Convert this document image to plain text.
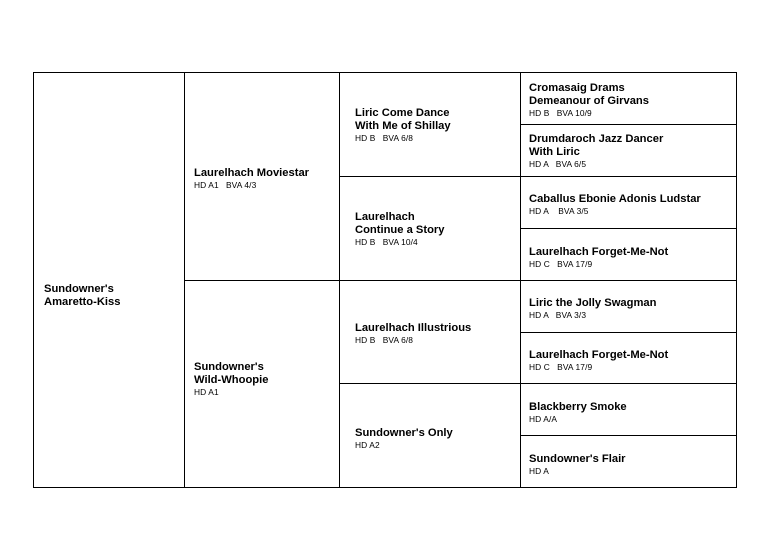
Sundowner's
Amaretto-Kiss
Laurelhach Moviestar
HD A1   BVA 4/3
Sundowner's
Wild-Whoopie
HD A1
Liric Come Dance
With Me of Shillay
HD B   BVA 6/8
Laurelhach
Continue a Story
HD B   BVA 10/4
Laurelhach Illustrious
HD B   BVA 6/8
Sundowner's Only
HD A2
Cromasaig Drams
Demeanour of Girvans
HD B   BVA 10/9
Drumdaroch Jazz Dancer
With Liric
HD A   BVA 6/5
Caballus Ebonie Adonis Ludstar
HD A    BVA 3/5
Laurelhach Forget-Me-Not
HD C   BVA 17/9
Liric the Jolly Swagman
HD A   BVA 3/3
Laurelhach Forget-Me-Not
HD C   BVA 17/9
Blackberry Smoke
HD A/A
Sundowner's Flair
HD A
